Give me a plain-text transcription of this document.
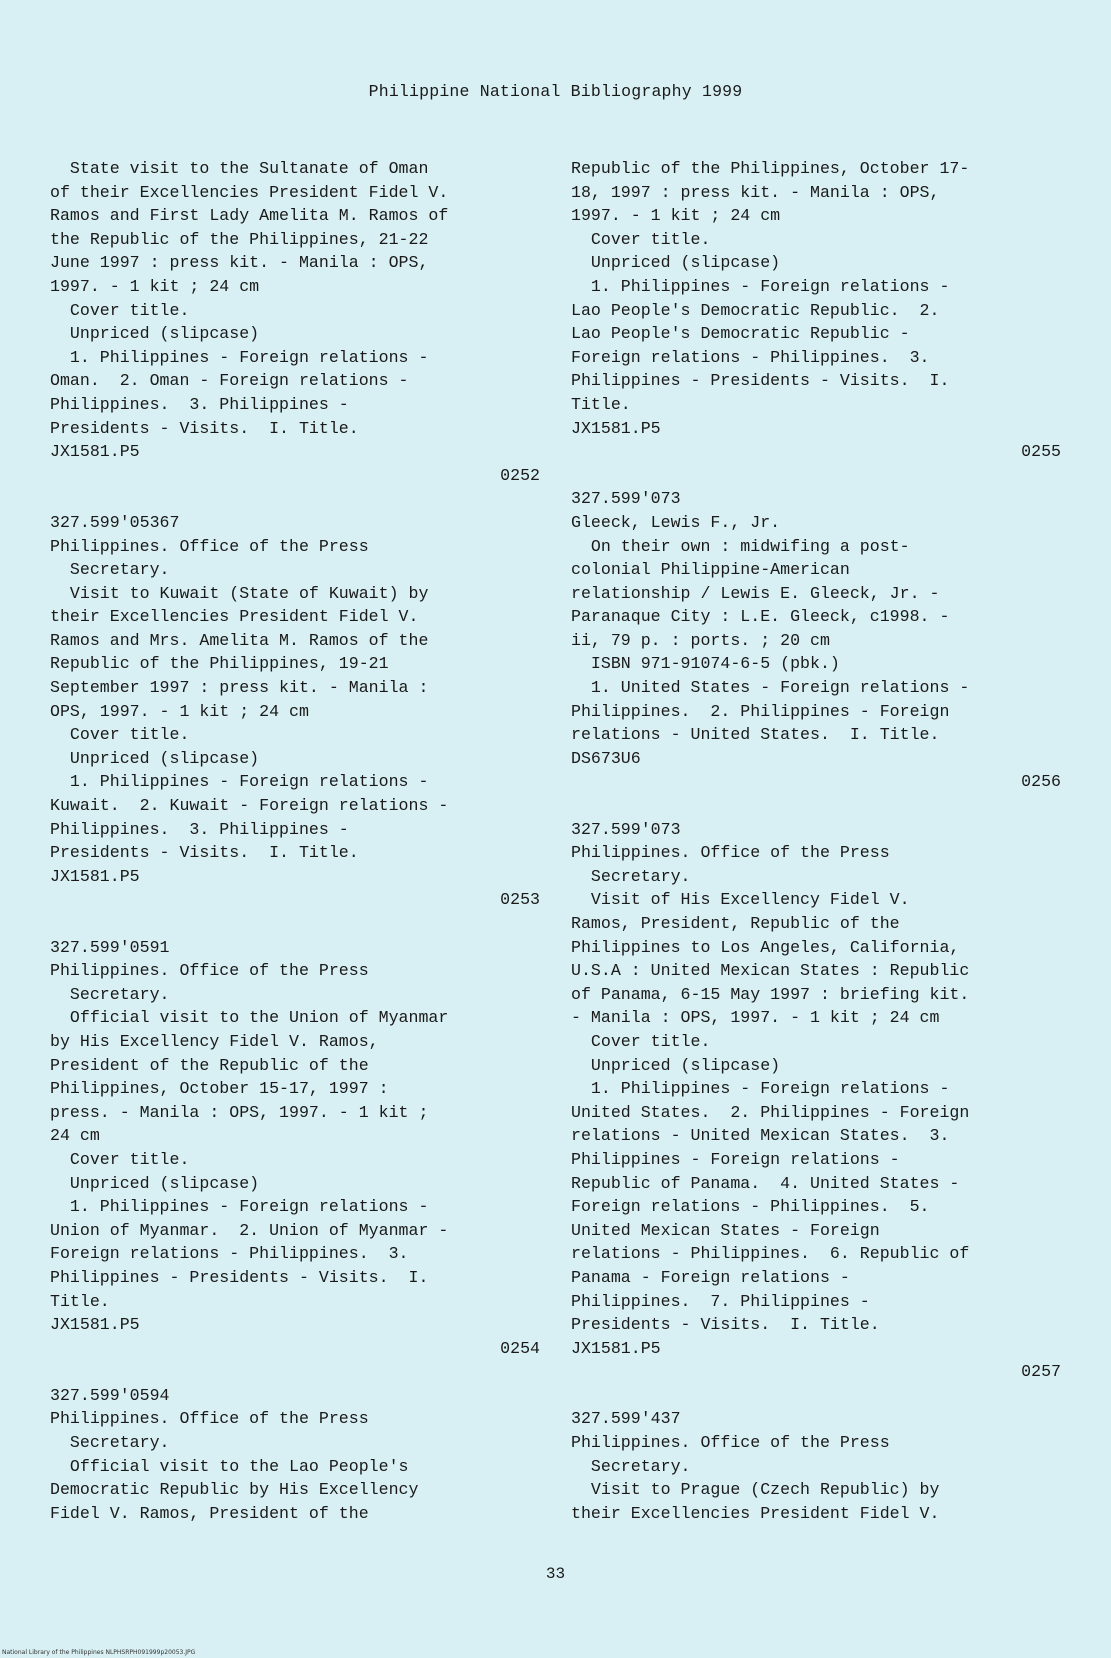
Philippine National Bibliography 1999
State visit to the Sultanate of Oman
of their Excellencies President Fidel V.
Ramos and First Lady Amelita M. Ramos of
the Republic of the Philippines, 21-22
June 1997 : press kit. - Manila : OPS,
1997. - 1 kit ; 24 cm
Cover title.
Unpriced (slipcase)
1. Philippines - Foreign relations -
Oman.  2. Oman - Foreign relations -
Philippines.  3. Philippines -
Presidents - Visits.  I. Title.
JX1581.P5
0252
327.599'05367
Philippines. Office of the Press
Secretary.
Visit to Kuwait (State of Kuwait) by
their Excellencies President Fidel V.
Ramos and Mrs. Amelita M. Ramos of the
Republic of the Philippines, 19-21
September 1997 : press kit. - Manila :
OPS, 1997. - 1 kit ; 24 cm
Cover title.
Unpriced (slipcase)
1. Philippines - Foreign relations -
Kuwait.  2. Kuwait - Foreign relations -
Philippines.  3. Philippines -
Presidents - Visits.  I. Title.
JX1581.P5
0253
327.599'0591
Philippines. Office of the Press
Secretary.
Official visit to the Union of Myanmar
by His Excellency Fidel V. Ramos,
President of the Republic of the
Philippines, October 15-17, 1997 :
press. - Manila : OPS, 1997. - 1 kit ;
24 cm
Cover title.
Unpriced (slipcase)
1. Philippines - Foreign relations -
Union of Myanmar.  2. Union of Myanmar -
Foreign relations - Philippines.  3.
Philippines - Presidents - Visits.  I.
Title.
JX1581.P5
0254
327.599'0594
Philippines. Office of the Press
Secretary.
Official visit to the Lao People's
Democratic Republic by His Excellency
Fidel V. Ramos, President of the
Republic of the Philippines, October 17-
18, 1997 : press kit. - Manila : OPS,
1997. - 1 kit ; 24 cm
Cover title.
Unpriced (slipcase)
1. Philippines - Foreign relations -
Lao People's Democratic Republic.  2.
Lao People's Democratic Republic -
Foreign relations - Philippines.  3.
Philippines - Presidents - Visits.  I.
Title.
JX1581.P5
0255
327.599'073
Gleeck, Lewis F., Jr.
On their own : midwifing a post-
colonial Philippine-American
relationship / Lewis E. Gleeck, Jr. -
Paranaque City : L.E. Gleeck, c1998. -
ii, 79 p. : ports. ; 20 cm
ISBN 971-91074-6-5 (pbk.)
1. United States - Foreign relations -
Philippines.  2. Philippines - Foreign
relations - United States.  I. Title.
DS673U6
0256
327.599'073
Philippines. Office of the Press
Secretary.
Visit of His Excellency Fidel V.
Ramos, President, Republic of the
Philippines to Los Angeles, California,
U.S.A : United Mexican States : Republic
of Panama, 6-15 May 1997 : briefing kit.
- Manila : OPS, 1997. - 1 kit ; 24 cm
Cover title.
Unpriced (slipcase)
1. Philippines - Foreign relations -
United States.  2. Philippines - Foreign
relations - United Mexican States.  3.
Philippines - Foreign relations -
Republic of Panama.  4. United States -
Foreign relations - Philippines.  5.
United Mexican States - Foreign
relations - Philippines.  6. Republic of
Panama - Foreign relations -
Philippines.  7. Philippines -
Presidents - Visits.  I. Title.
JX1581.P5
0257
327.599'437
Philippines. Office of the Press
Secretary.
Visit to Prague (Czech Republic) by
their Excellencies President Fidel V.
33
National Library of the Philippines NLPHSRPH091999p20053.JPG
